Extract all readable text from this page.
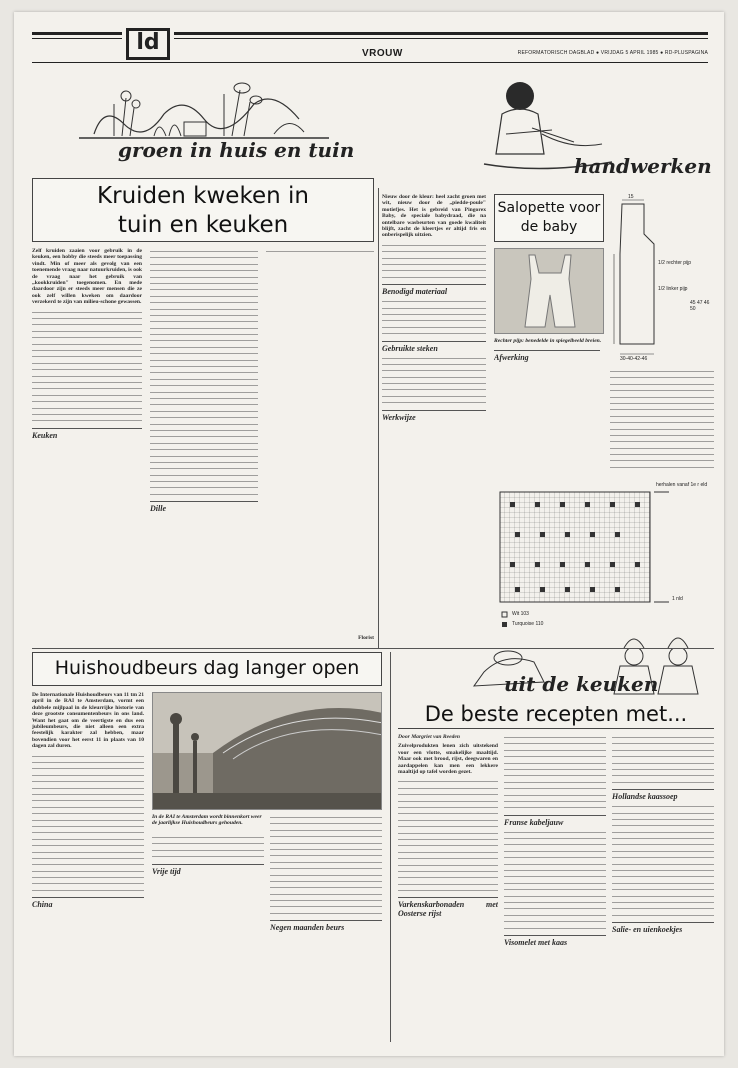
ld	VROUW	REFORMATORISCH DAGBLAD ● VRIJDAG 5 APRIL 1985 ● RD-PLUSPAGINA
groen in huis en tuin
Kruiden kweken in tuin en keuken

Zelf kruiden zaaien voor gebruik in de keuken, een hobby die steeds meer toepassing vindt. Min of meer als gevolg van een toenemende vraag naar natuurkruiden, is ook de vraag naar het gebruik van „kookkruiden" toegenomen. En mede daardoor zijn er steeds meer mensen die ze ook zelf willen kweken om daardoor verzekerd te zijn van milieu-schone gewassen.

Keuken

Dille

Florist

handwerken

Nieuw door de kleur: heel zacht groen met wit, nieuw door de „piedde-poule" motiefjes. Het is gebreid van Pingorex Baby, de speciale babydraad, die na ontelbare wasbeurten van goede kwaliteit blijft, zacht de kleertjes er altijd fris en onberispelijk uitzien.

Benodigd materiaal

Gebruikte steken

Werkwijze

Salopette voor de baby
Rechter pijp: benedelde in spiegelbeeld breien.
15
1/2 rechter pijp
1/2 linker pijp
45 47 46 50
30-40-42-46

Afwerking

herhalen vanaf 1e r eld
1 nld
Wit 103
Turquoise 110
Huishoudbeurs dag langer open

De Internationale Huishoudbeurs van 11 tm 21 april in de RAI te Amsterdam, vormt een dubbele mijlpaal in de kleurrijke historie van deze grootste consumentenbeurs in ons land. Want het gaat om de veertigste en dus een jubileumbeurs, die niet alleen een extra feestelijk karakter zal hebben, maar bovendien voor het eerst 11 in plaats van 10 dagen zal duren.

China

In de RAI te Amsterdam wordt binnenkort weer de jaarlijkse Huishoudbeurs gehouden.

Vrije tijd

Negen maanden beurs

uit de keuken
De beste recepten met...

Door Margriet van Reeden

Zuivelprodukten lenen zich uitstekend voor een vlotte, smakelijke maaltijd. Maar ook met brood, rijst, deegwaren en aardappelen kan men een lekkere maaltijd op tafel worden gezet.

Varkenskarbonaden met Oosterse rijst

Franse kabeljauw

Visomelet met kaas

Hollandse kaassoep

Salie- en uienkoekjes
